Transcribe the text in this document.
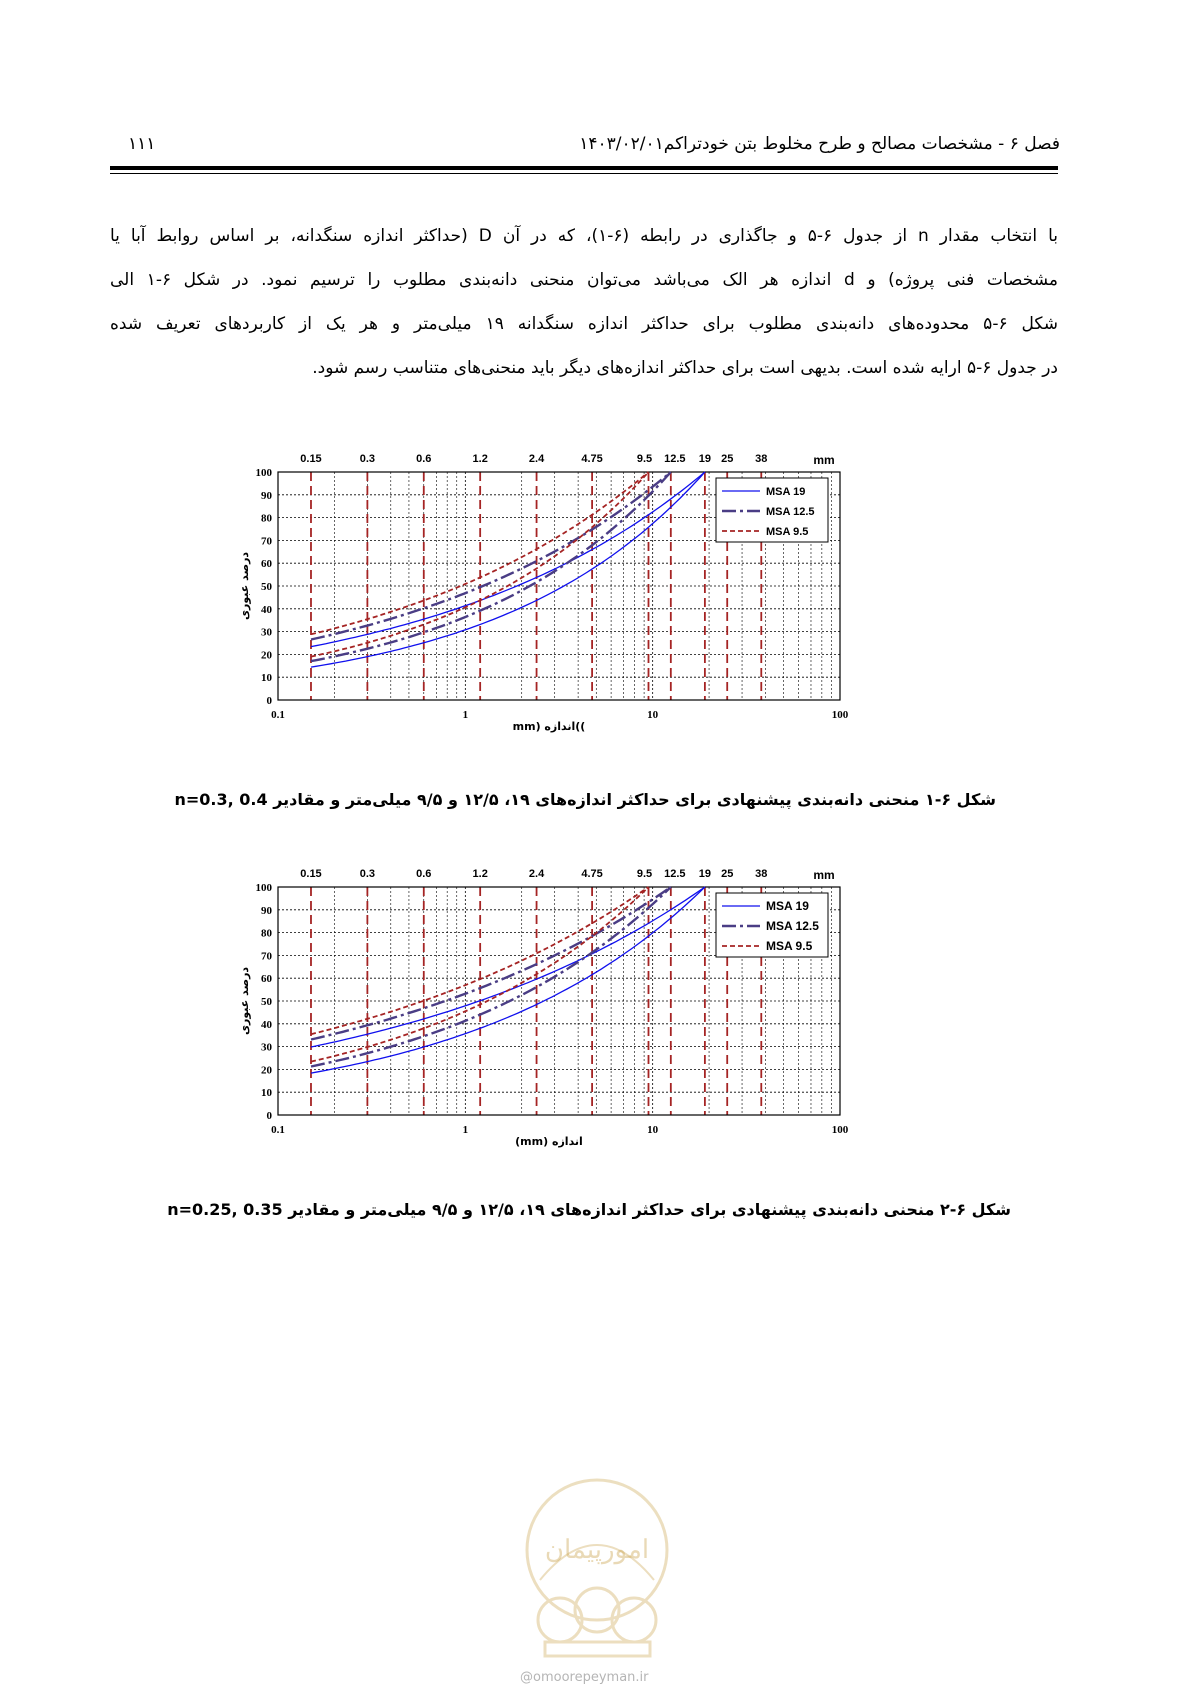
فصل ۶ - مشخصات مصالح و طرح مخلوط بتن خودتراکم۱۴۰۳/۰۲/۰۱
۱۱۱
با انتخاب مقدار n از جدول ۶-۵ و جاگذاری در رابطه (۶-۱)، که در آن D (حداکثر اندازه سنگدانه، بر اساس روابط آبا یا
مشخصات فنی پروژه) و d اندازه هر الک می‌باشد می‌توان منحنی دانه‌بندی مطلوب را ترسیم نمود. در شکل ۶-۱ الی
شکل ۶-۵ محدوده‌های دانه‌بندی مطلوب برای حداکثر اندازه سنگدانه ۱۹ میلی‌متر و هر یک از کاربردهای تعریف شده
در جدول ۶-۵ ارایه شده است. بدیهی است برای حداکثر اندازه‌های دیگر باید منحنی‌های متناسب رسم شود.
0
10
20
30
40
50
60
70
80
90
100
0.1	1	10	100
0.15	0.3	0.6	1.2	2.4	4.75	9.5 12.5 19 25 38	mm
درصد عبوری
mm) اندازه((
MSA 19
MSA 12.5
MSA 9.5
شکل ۶-۱ منحنی دانه‌بندی پیشنهادی برای حداکثر اندازه‌های ۱۹، ۱۲/۵ و ۹/۵ میلی‌متر و مقادیر n=0.3, 0.4
0
10
20
30
40
50
60
70
80
90
100
0.1	1	10	100
0.15	0.3	0.6	1.2	2.4	4.75	9.5 12.5 19 25 38	mm
درصد عبوری
(mm) اندازه
MSA 19
MSA 12.5
MSA 9.5
شکل ۶-۲ منحنی دانه‌بندی پیشنهادی برای حداکثر اندازه‌های ۱۹، ۱۲/۵ و ۹/۵ میلی‌متر و مقادیر n=0.25, 0.35
امورپیمان
@omoorepeyman.ir
